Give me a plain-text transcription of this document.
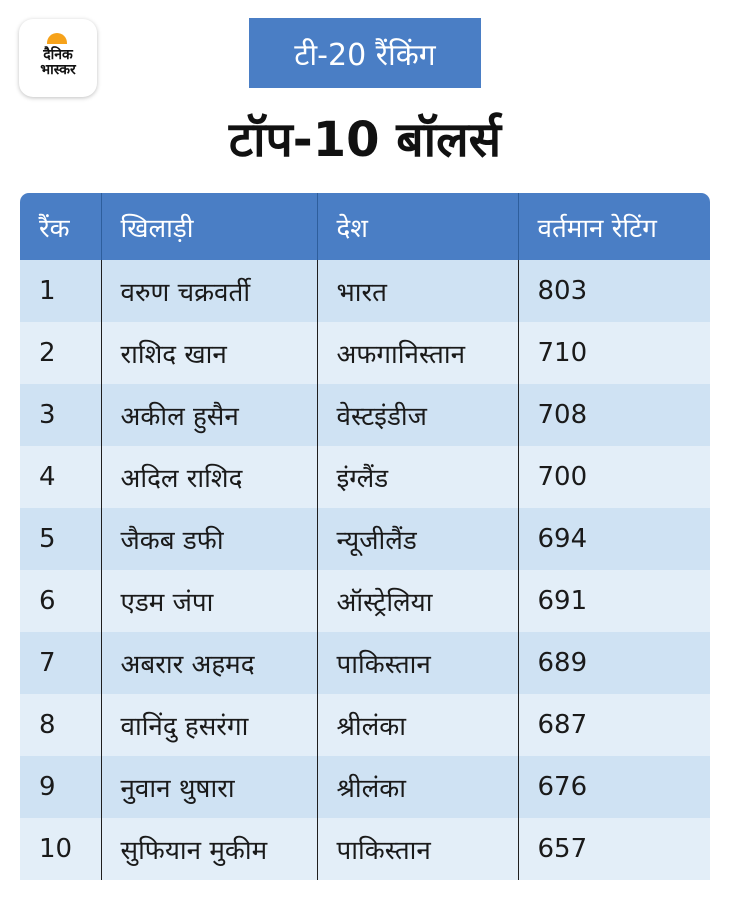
दैनिक
भास्कर	टी-20 रैंकिंग
टॉप-10 बॉलर्स
रैंक	खिलाड़ी	देश	वर्तमान रेटिंग
1	वरुण चक्रवर्ती	भारत	803
2	राशिद खान	अफगानिस्तान	710
3	अकील हुसैन	वेस्टइंडीज	708
4	अदिल राशिद	इंग्लैंड	700
5	जैकब डफी	न्यूजीलैंड	694
6	एडम जंपा	ऑस्ट्रेलिया	691
7	अबरार अहमद	पाकिस्तान	689
8	वानिंदु हसरंगा	श्रीलंका	687
9	नुवान थुषारा	श्रीलंका	676
10	सुफियान मुकीम	पाकिस्तान	657
